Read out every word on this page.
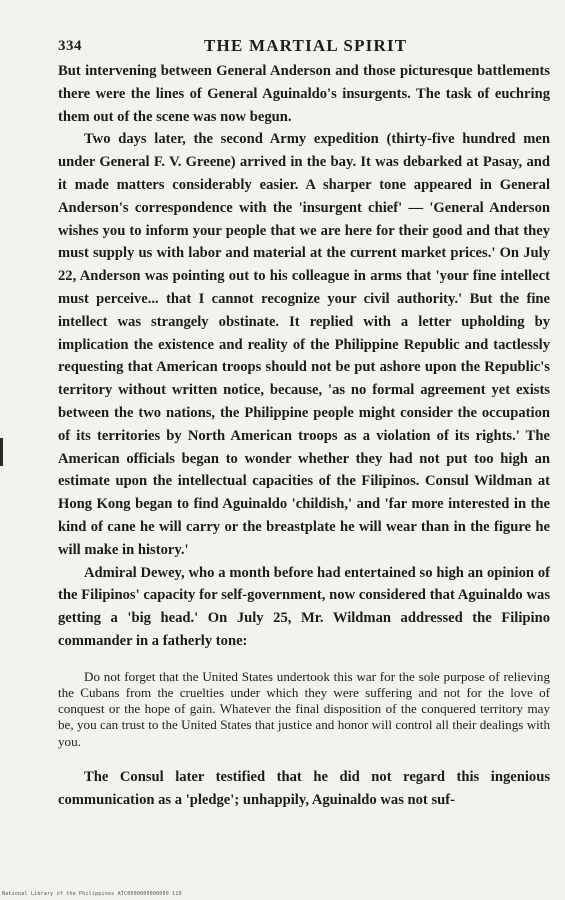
334	THE MARTIAL SPIRIT

But intervening between General Anderson and those picturesque battlements there were the lines of General Aguinaldo's insurgents. The task of euchring them out of the scene was now begun.

Two days later, the second Army expedition (thirty-five hundred men under General F. V. Greene) arrived in the bay. It was debarked at Pasay, and it made matters considerably easier. A sharper tone appeared in General Anderson's correspondence with the 'insurgent chief' — 'General Anderson wishes you to inform your people that we are here for their good and that they must supply us with labor and material at the current market prices.' On July 22, Anderson was pointing out to his colleague in arms that 'your fine intellect must perceive... that I cannot recognize your civil authority.' But the fine intellect was strangely obstinate. It replied with a letter upholding by implication the existence and reality of the Philippine Republic and tactlessly requesting that American troops should not be put ashore upon the Republic's territory without written notice, because, 'as no formal agreement yet exists between the two nations, the Philippine people might consider the occupation of its territories by North American troops as a violation of its rights.' The American officials began to wonder whether they had not put too high an estimate upon the intellectual capacities of the Filipinos. Consul Wildman at Hong Kong began to find Aguinaldo 'childish,' and 'far more interested in the kind of cane he will carry or the breastplate he will wear than in the figure he will make in history.'

Admiral Dewey, who a month before had entertained so high an opinion of the Filipinos' capacity for self-government, now considered that Aguinaldo was getting a 'big head.' On July 25, Mr. Wildman addressed the Filipino commander in a fatherly tone:

Do not forget that the United States undertook this war for the sole purpose of relieving the Cubans from the cruelties under which they were suffering and not for the love of conquest or the hope of gain. Whatever the final disposition of the conquered territory may be, you can trust to the United States that justice and honor will control all their dealings with you.

The Consul later testified that he did not regard this ingenious communication as a 'pledge'; unhappily, Aguinaldo was not suf-

National Library of the Philippines ATC0000000000000 110
